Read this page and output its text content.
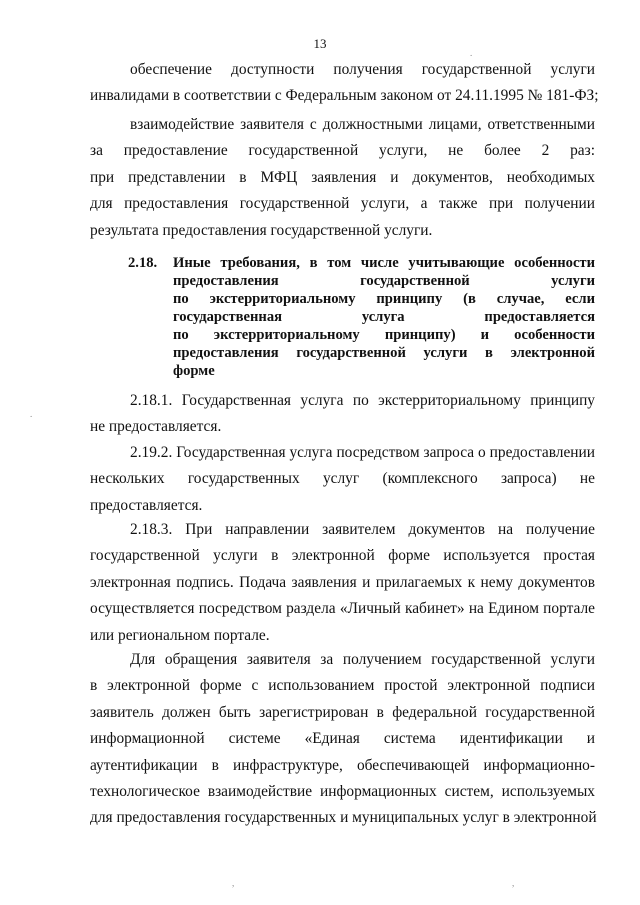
13
обеспечение доступности получения государственной услуги
инвалидами в соответствии с Федеральным законом от 24.11.1995 № 181-ФЗ;
взаимодействие заявителя с должностными лицами, ответственными
за предоставление государственной услуги, не более 2 раз:
при представлении в МФЦ заявления и документов, необходимых
для предоставления государственной услуги, а также при получении
результата предоставления государственной услуги.
2.18. Иные требования, в том числе учитывающие особенности
предоставления государственной услуги
по экстерриториальному принципу (в случае, если
государственная услуга предоставляется
по экстерриториальному принципу) и особенности
предоставления государственной услуги в электронной
форме
2.18.1. Государственная услуга по экстерриториальному принципу
не предоставляется.
2.19.2. Государственная услуга посредством запроса о предоставлении
нескольких государственных услуг (комплексного запроса) не
предоставляется.
2.18.3. При направлении заявителем документов на получение
государственной услуги в электронной форме используется простая
электронная подпись. Подача заявления и прилагаемых к нему документов
осуществляется посредством раздела «Личный кабинет» на Едином портале
или региональном портале.
Для обращения заявителя за получением государственной услуги
в электронной форме с использованием простой электронной подписи
заявитель должен быть зарегистрирован в федеральной государственной
информационной системе «Единая система идентификации и
аутентификации в инфраструктуре, обеспечивающей информационно-
технологическое взаимодействие информационных систем, используемых
для предоставления государственных и муниципальных услуг в электронной
.
.
,	,
